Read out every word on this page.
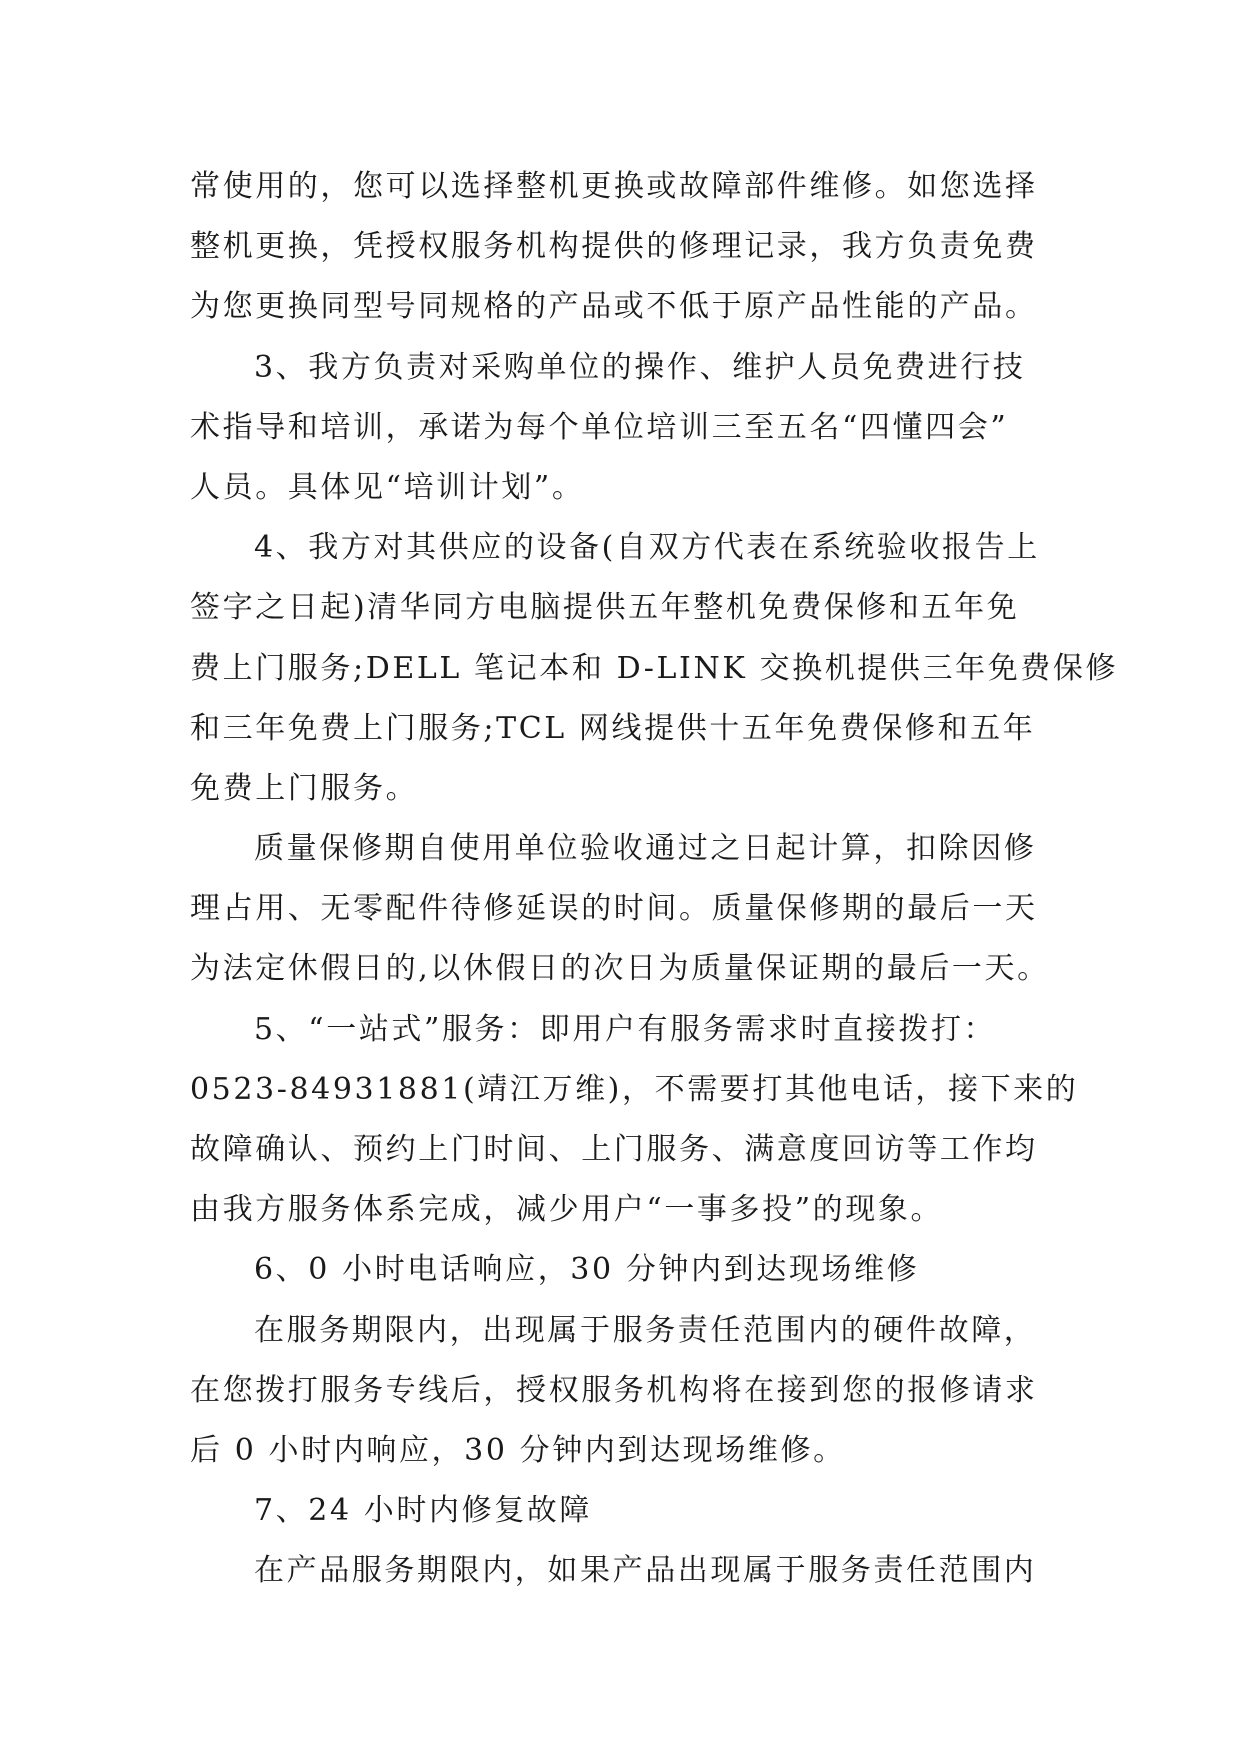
常使用的，您可以选择整机更换或故障部件维修。如您选择
整机更换，凭授权服务机构提供的修理记录，我方负责免费
为您更换同型号同规格的产品或不低于原产品性能的产品。
3、我方负责对采购单位的操作、维护人员免费进行技
术指导和培训，承诺为每个单位培训三至五名“四懂四会”
人员。具体见“培训计划”。
4、我方对其供应的设备(自双方代表在系统验收报告上
签字之日起)清华同方电脑提供五年整机免费保修和五年免
费上门服务;DELL 笔记本和 D-LINK 交换机提供三年免费保修
和三年免费上门服务;TCL 网线提供十五年免费保修和五年
免费上门服务。
质量保修期自使用单位验收通过之日起计算，扣除因修
理占用、无零配件待修延误的时间。质量保修期的最后一天
为法定休假日的,以休假日的次日为质量保证期的最后一天。
5、“一站式”服务：即用户有服务需求时直接拨打：
0523-84931881(靖江万维)，不需要打其他电话，接下来的
故障确认、预约上门时间、上门服务、满意度回访等工作均
由我方服务体系完成，减少用户“一事多投”的现象。
6、0 小时电话响应，30 分钟内到达现场维修
在服务期限内，出现属于服务责任范围内的硬件故障，
在您拨打服务专线后，授权服务机构将在接到您的报修请求
后 0 小时内响应，30 分钟内到达现场维修。
7、24 小时内修复故障
在产品服务期限内，如果产品出现属于服务责任范围内
